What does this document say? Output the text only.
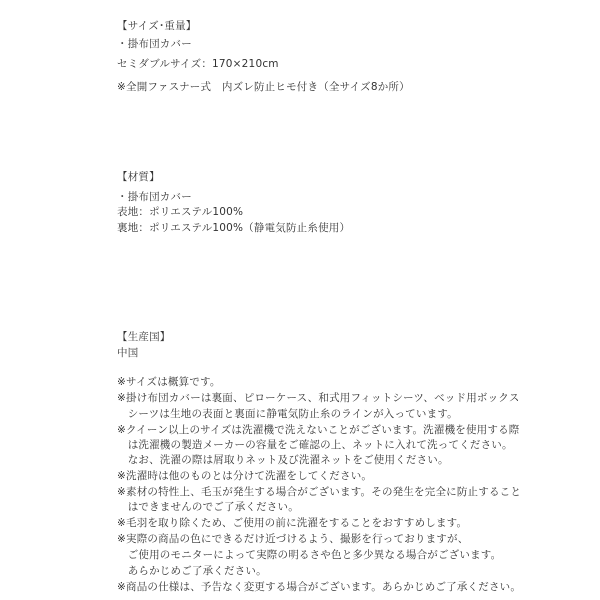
【サイズ･重量】
・掛布団カバー
セミダブルサイズ：170×210cm
※全開ファスナー式　内ズレ防止ヒモ付き（全サイズ8か所）
【材質】
・掛布団カバー
表地：ポリエステル100%
裏地：ポリエステル100%（静電気防止糸使用）
【生産国】
中国
※サイズは概算です。
※掛け布団カバーは裏面、ピローケース、和式用フィットシーツ、ベッド用ボックス
　シーツは生地の表面と裏面に静電気防止糸のラインが入っています。
※クイーン以上のサイズは洗濯機で洗えないことがございます。洗濯機を使用する際
　は洗濯機の製造メーカーの容量をご確認の上、ネットに入れて洗ってください。
　なお、洗濯の際は屑取りネット及び洗濯ネットをご使用ください。
※洗濯時は他のものとは分けて洗濯をしてください。
※素材の特性上、毛玉が発生する場合がございます。その発生を完全に防止すること
　はできませんのでご了承ください。
※毛羽を取り除くため、ご使用の前に洗濯をすることをおすすめします。
※実際の商品の色にできるだけ近づけるよう、撮影を行っておりますが、
　ご使用のモニターによって実際の明るさや色と多少異なる場合がございます。
　あらかじめご了承ください。
※商品の仕様は、予告なく変更する場合がございます。あらかじめご了承ください。
